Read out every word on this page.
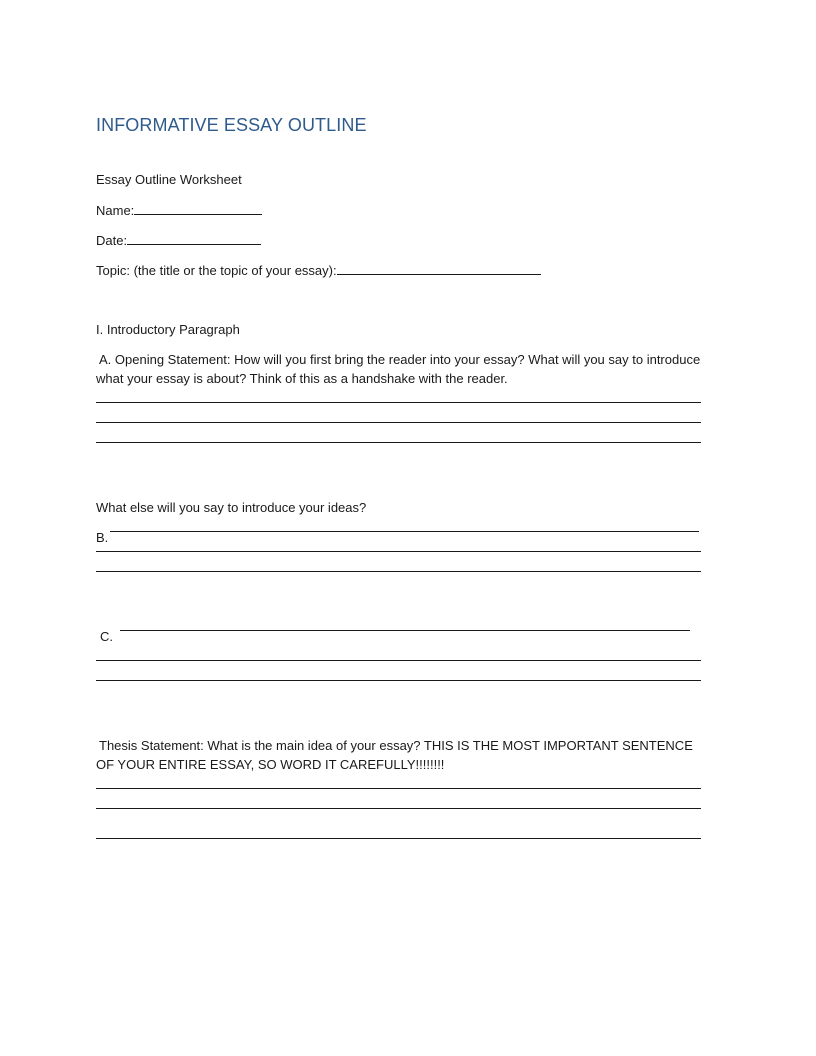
INFORMATIVE ESSAY OUTLINE
Essay Outline Worksheet
Name:
Date:
Topic: (the title or the topic of your essay):
I. Introductory Paragraph
A. Opening Statement: How will you first bring the reader into your essay? What will you say to introduce what your essay is about? Think of this as a handshake with the reader.
What else will you say to introduce your ideas?
B.
C.
Thesis Statement: What is the main idea of your essay? THIS IS THE MOST IMPORTANT SENTENCE OF YOUR ENTIRE ESSAY, SO WORD IT CAREFULLY!!!!!!!!
